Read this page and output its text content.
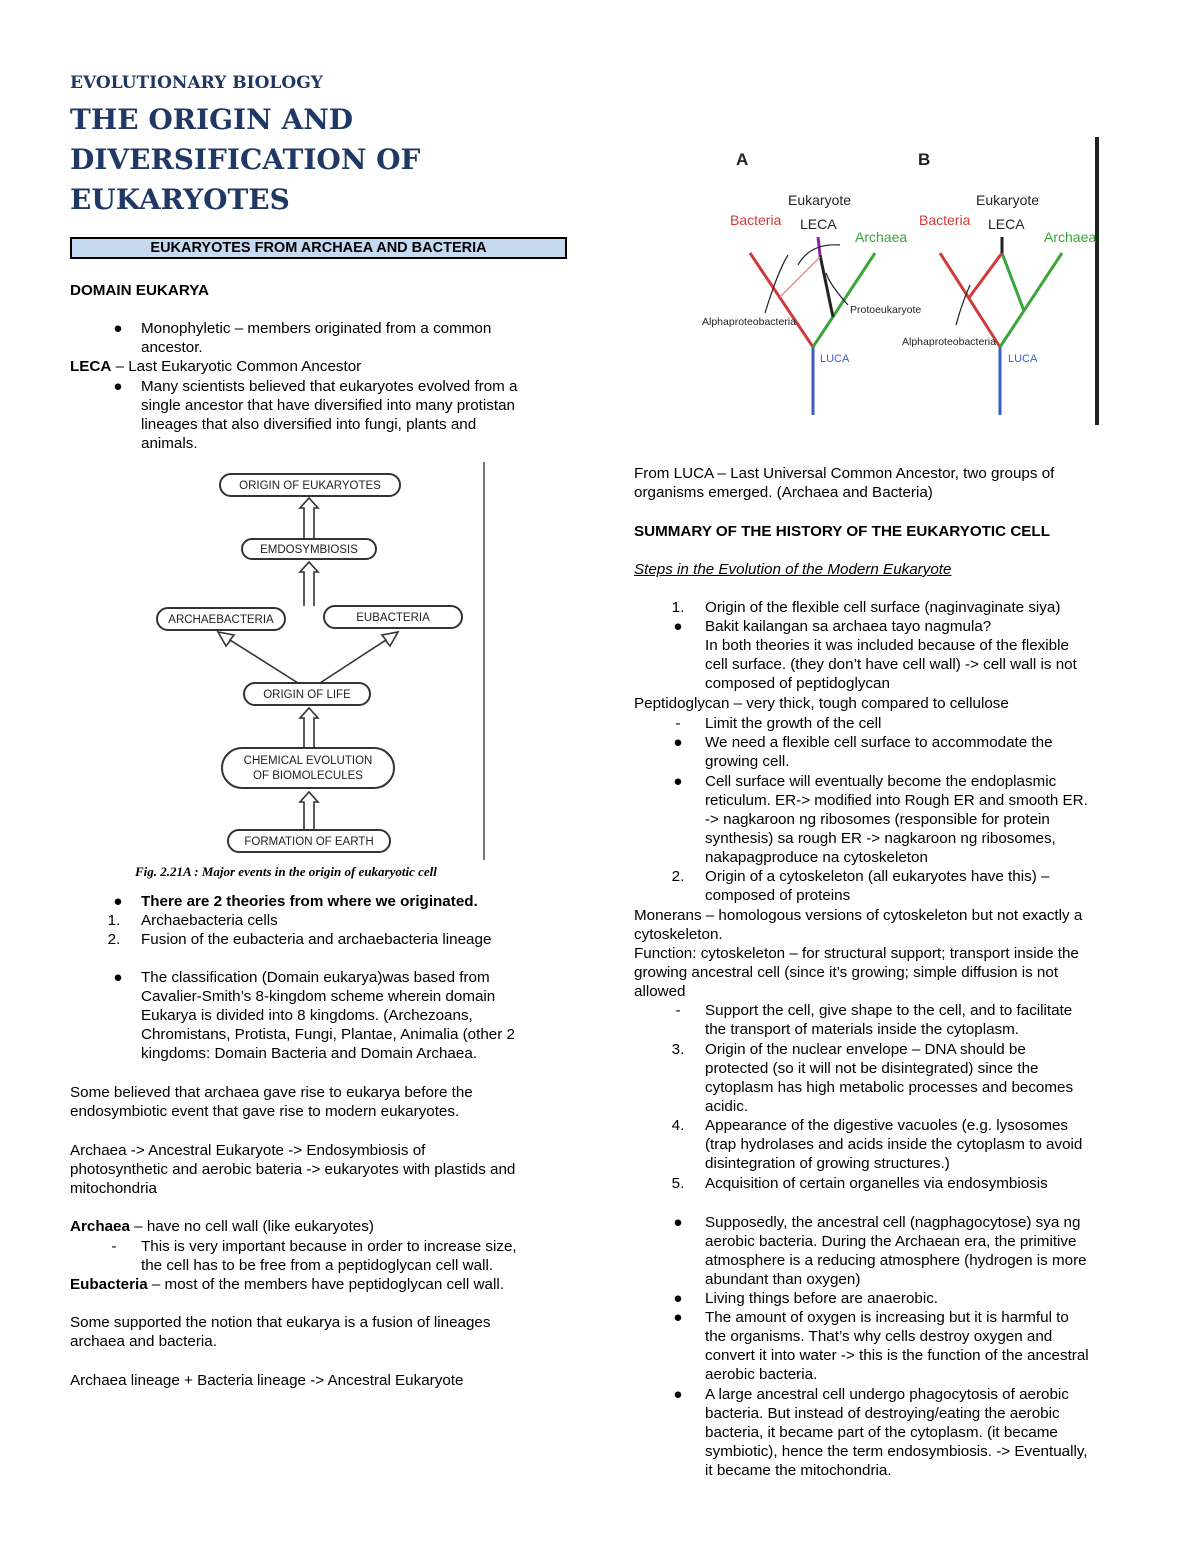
EVOLUTIONARY BIOLOGY
THE ORIGIN AND
DIVERSIFICATION OF
EUKARYOTES
EUKARYOTES FROM ARCHAEA AND BACTERIA
DOMAIN EUKARYA
●	Monophyletic – members originated from a common
ancestor.
LECA – Last Eukaryotic Common Ancestor
●	Many scientists believed that eukaryotes evolved from a
single ancestor that have diversified into many protistan
lineages that also diversified into fungi, plants and
animals.
ORIGIN OF EUKARYOTES
EMDOSYMBIOSIS
ARCHAEBACTERIA	EUBACTERIA
ORIGIN OF LIFE
CHEMICAL EVOLUTION
OF BIOMOLECULES
FORMATION OF EARTH
Fig. 2.21A : Major events in the origin of eukaryotic cell
●	There are 2 theories from where we originated.
1. Archaebacteria cells
2. Fusion of the eubacteria and archaebacteria lineage
●	The classification (Domain eukarya)was based from
Cavalier-Smith’s 8-kingdom scheme wherein domain
Eukarya is divided into 8 kingdoms. (Archezoans,
Chromistans, Protista, Fungi, Plantae, Animalia (other 2
kingdoms: Domain Bacteria and Domain Archaea.
Some believed that archaea gave rise to eukarya before the
endosymbiotic event that gave rise to modern eukaryotes.
Archaea -> Ancestral Eukaryote -> Endosymbiosis of
photosynthetic and aerobic bateria -> eukaryotes with plastids and
mitochondria
Archaea – have no cell wall (like eukaryotes)
-	This is very important because in order to increase size,
the cell has to be free from a peptidoglycan cell wall.
Eubacteria – most of the members have peptidoglycan cell wall.
Some supported the notion that eukarya is a fusion of lineages
archaea and bacteria.
Archaea lineage + Bacteria lineage -> Ancestral Eukaryote
A	B
Eukaryote
LECA
Bacteria
Archaea
Alphaproteobacteria
Protoeukaryote
LUCA
Eukaryote
LECA
Bacteria
Archaea
Alphaproteobacteria
LUCA
From LUCA – Last Universal Common Ancestor, two groups of
organisms emerged. (Archaea and Bacteria)
SUMMARY OF THE HISTORY OF THE EUKARYOTIC CELL
Steps in the Evolution of the Modern Eukaryote
1. Origin of the flexible cell surface (naginvaginate siya)
●	Bakit kailangan sa archaea tayo nagmula?
In both theories it was included because of the flexible
cell surface. (they don’t have cell wall) -> cell wall is not
composed of peptidoglycan
Peptidoglycan – very thick, tough compared to cellulose
-	Limit the growth of the cell
●	We need a flexible cell surface to accommodate the
growing cell.
●	Cell surface will eventually become the endoplasmic
reticulum. ER-> modified into Rough ER and smooth ER.
-> nagkaroon ng ribosomes (responsible for protein
synthesis) sa rough ER -> nagkaroon ng ribosomes,
nakapagproduce na cytoskeleton
2. Origin of a cytoskeleton (all eukaryotes have this) –
composed of proteins
Monerans – homologous versions of cytoskeleton but not exactly a
cytoskeleton.
Function: cytoskeleton – for structural support; transport inside the
growing ancestral cell (since it’s growing; simple diffusion is not
allowed
-	Support the cell, give shape to the cell, and to facilitate
the transport of materials inside the cytoplasm.
3. Origin of the nuclear envelope – DNA should be
protected (so it will not be disintegrated) since the
cytoplasm has high metabolic processes and becomes
acidic.
4. Appearance of the digestive vacuoles (e.g. lysosomes
(trap hydrolases and acids inside the cytoplasm to avoid
disintegration of growing structures.)
5. Acquisition of certain organelles via endosymbiosis
●	Supposedly, the ancestral cell (nagphagocytose) sya ng
aerobic bacteria. During the Archaean era, the primitive
atmosphere is a reducing atmosphere (hydrogen is more
abundant than oxygen)
●	Living things before are anaerobic.
●	The amount of oxygen is increasing but it is harmful to
the organisms. That’s why cells destroy oxygen and
convert it into water -> this is the function of the ancestral
aerobic bacteria.
●	A large ancestral cell undergo phagocytosis of aerobic
bacteria. But instead of destroying/eating the aerobic
bacteria, it became part of the cytoplasm. (it became
symbiotic), hence the term endosymbiosis. -> Eventually,
it became the mitochondria.
